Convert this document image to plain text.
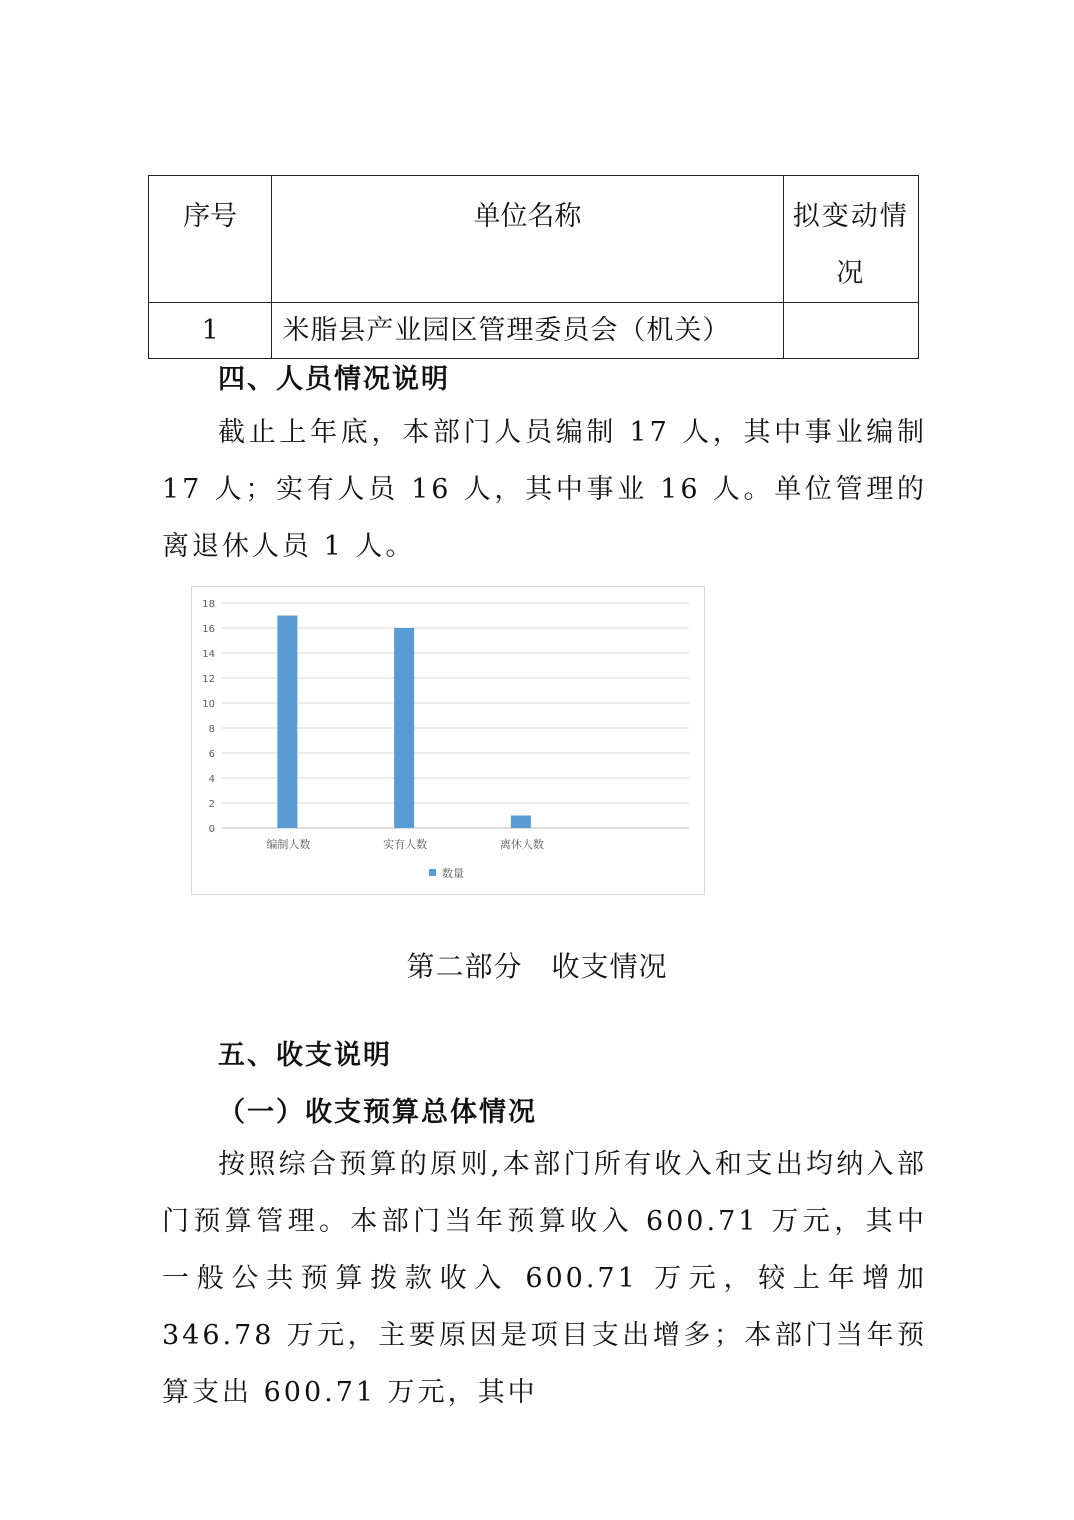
序号	单位名称	拟变动情况

1	米脂县产业园区管理委员会（机关）	
四、人员情况说明

截止上年底，本部门人员编制 17 人，其中事业编制 17 人；实有人员 16 人，其中事业 16 人。单位管理的离退休人员 1 人。

0
2
4
6
8
10
12
14
16
18
编制人数	实有人数	离休人数
数量
第二部分　收支情况
五、收支说明
（一）收支预算总体情况

按照综合预算的原则,本部门所有收入和支出均纳入部门预算管理。本部门当年预算收入 600.71 万元，其中一般公共预算拨款收入 600.71 万元，较上年增加 346.78 万元，主要原因是项目支出增多；本部门当年预算支出 600.71 万元，其中
